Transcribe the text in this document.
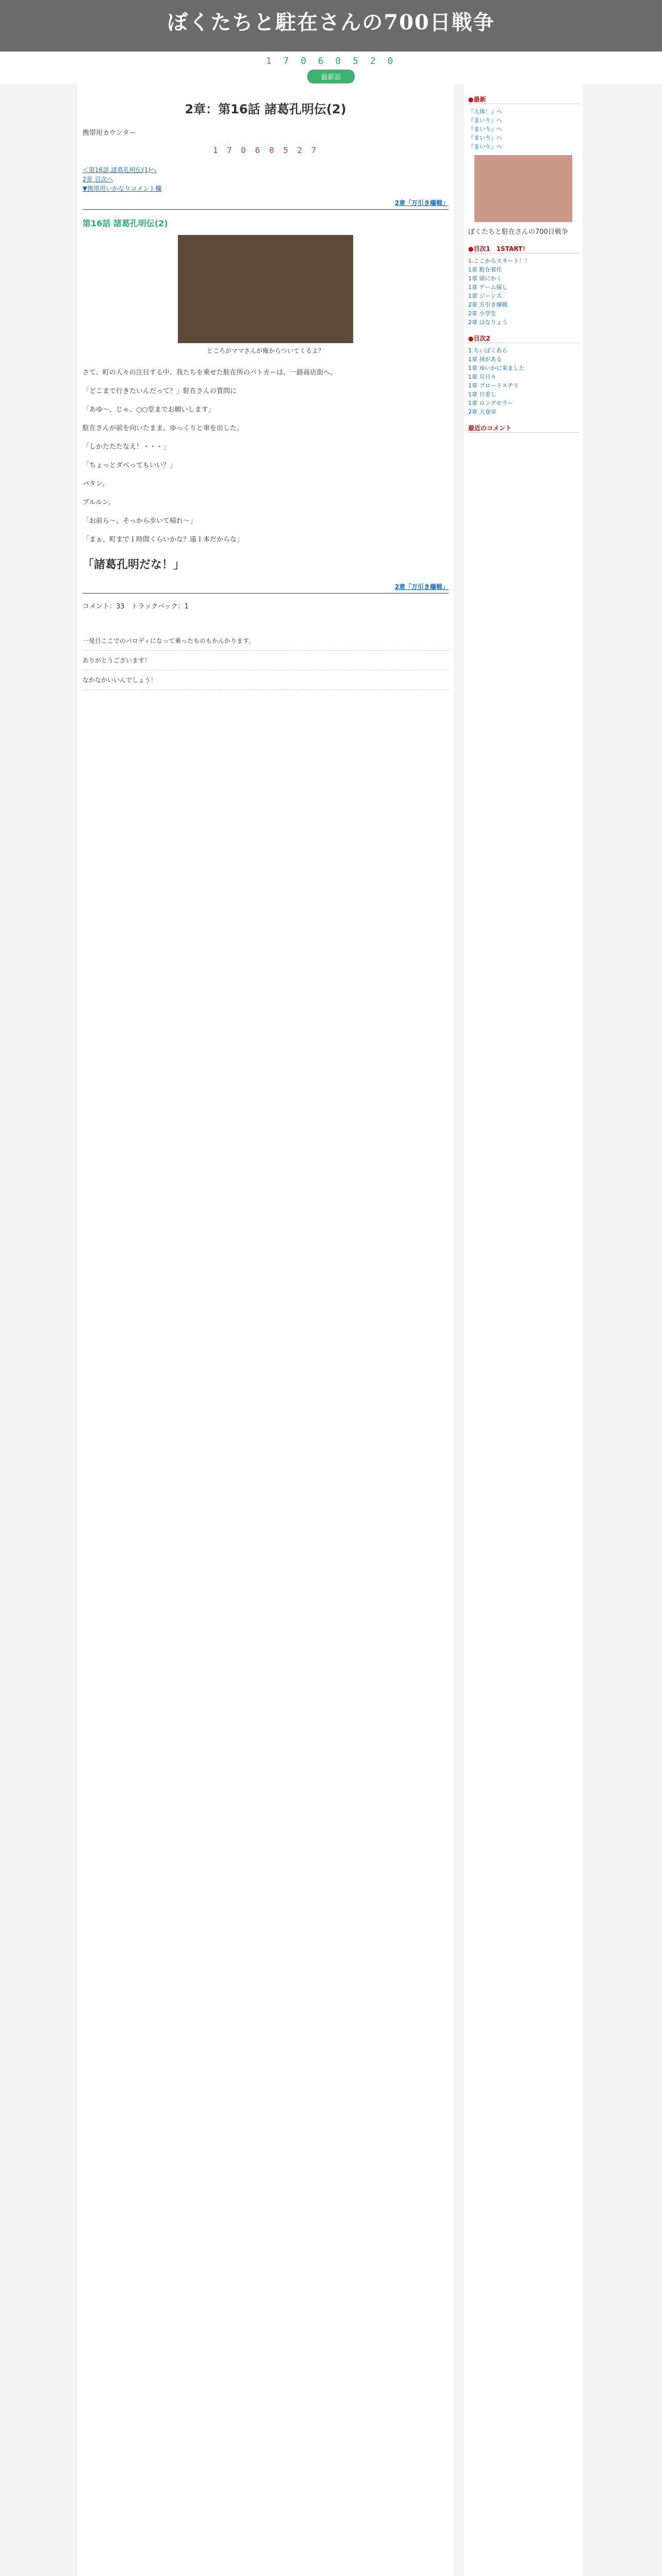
ぼくたちと駐在さんの700日戦争
1 7 0 6 0 5 2 0
最新話
2章：第16話 諸葛孔明伝(2)
携帯用カウンター
1 7 0 6 0 5 2 7
＜第16話 諸葛孔明伝(1)へ
2章 目次へ
▼携帯用いかなりコメント欄
2章「万引き爆戦」
第16話 諸葛孔明伝(2)
ところがママさんが俺からついてくるよ？

さて、町の人々の注目する中、我たちを乗せた駐在所のパトカーは、一路商店街へ。

「どこまで行きたいんだって？」駐在さんの質問に

「あゆ〜、じゃ、○○堂までお願いします」

駐在さんが前を向いたまま、ゆっくりと車を出した。

「しかたたたなえ！・・・」

「ちょっとダベってもいい？」

バタン。

ブルルン。

「お前ら〜、そっから歩いて帰れ〜」

「まぁ、町まで１時間くらいかな？遠１本だからな」

「諸葛孔明だな！」
2章「万引き爆戦」
コメント：33　トラックバック：1
一発目ここでのパロディになって乗ったものもかんかります。
ありがとうございます！
なかなかいいんでしょう！
●最新
『大体！』へ
『まいり』へ
『まいり』へ
『まいり』へ
『まいり』へ
ぼくたちと駐在さんの700日戦争
●目次1　1START！
1.ここからスタート！！
1章 駐在着任
1章 頭にかく
1章 ゲーム探し
1章 ジーンズ
2章 万引き爆戦
2章 小学生
2章 はなりょう
●目次2
1.ちいぼくあら
1章 何がある
1章 ゆいかに来ました
1章 月日々
1章 ブロードステリ
1章 日差し
1章 ロングセラー
2章 大食卓
最近のコメント
